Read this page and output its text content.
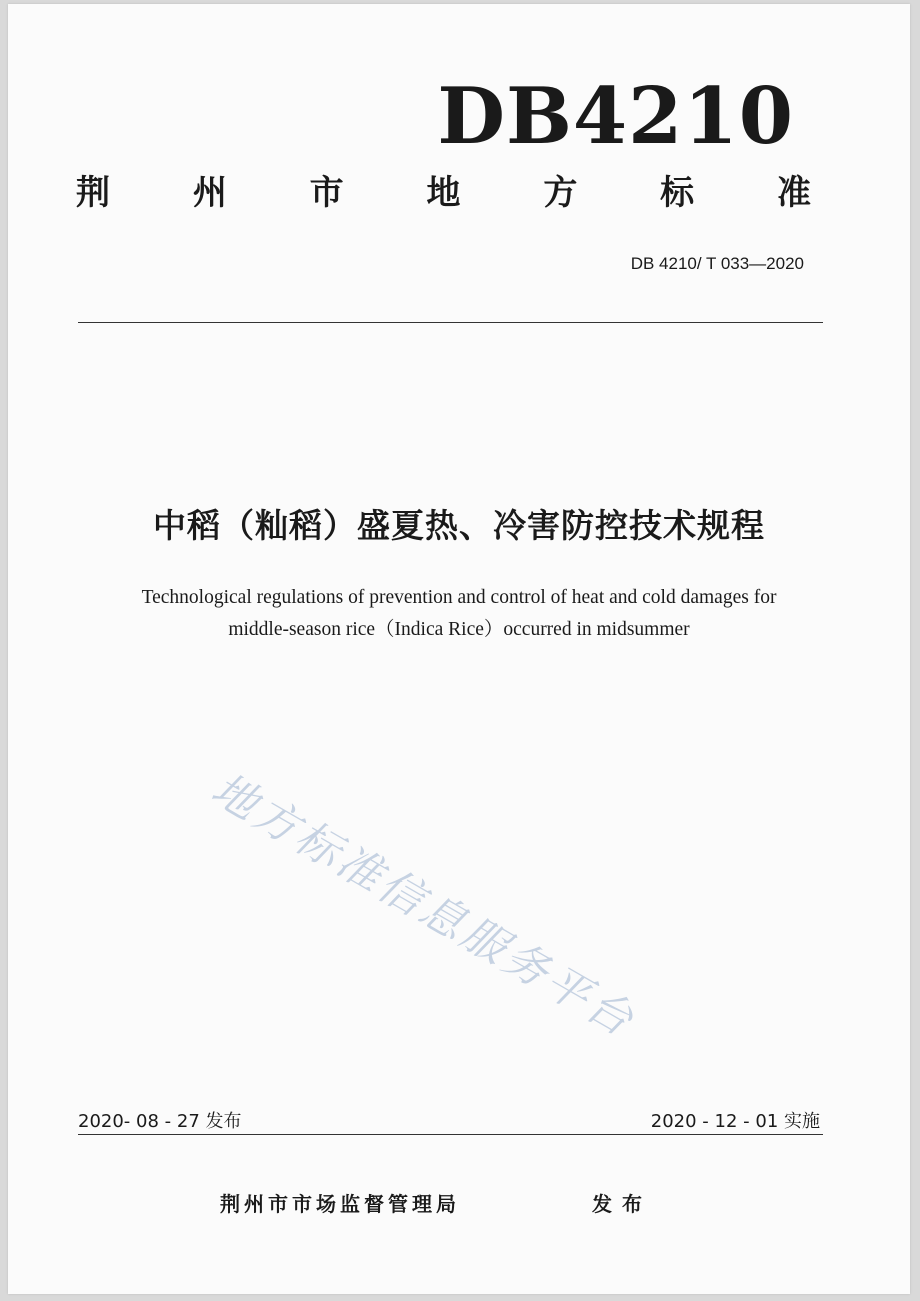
DB4210
荆 州 市 地 方 标 准
DB 4210/ T 033—2020
中稻（籼稻）盛夏热、冷害防控技术规程
Technological regulations of prevention and control of heat and cold damages for
middle-season rice（Indica Rice）occurred in midsummer
地方标准信息服务平台
2020- 08 - 27 发布	2020 - 12 - 01 实施
荆州市市场监督管理局	发布
